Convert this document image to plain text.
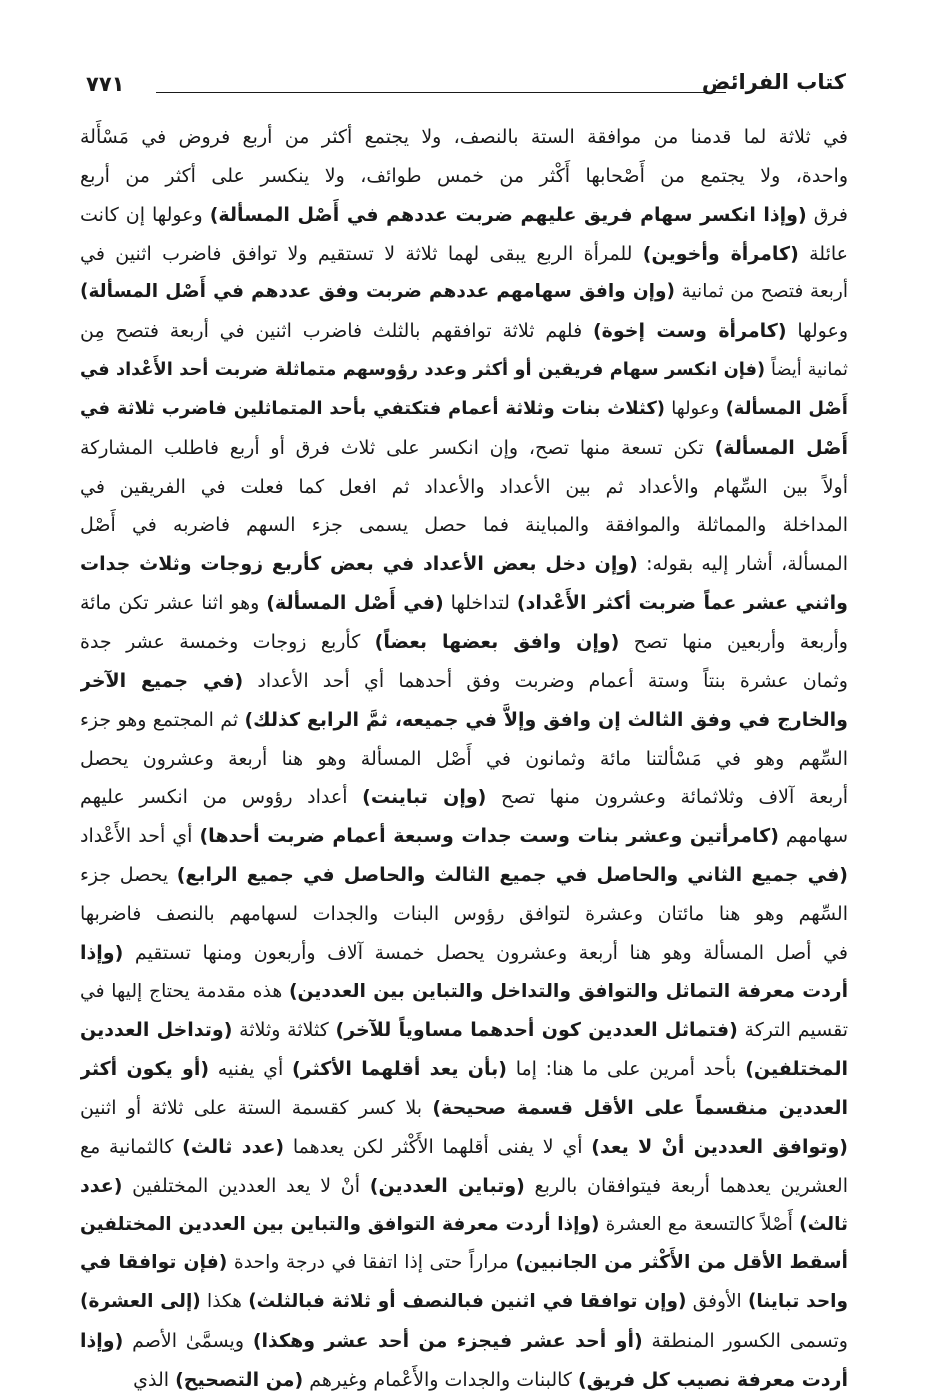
كتاب الفرائض
٧٧١
في ثلاثة لما قدمنا من موافقة الستة بالنصف، ولا يجتمع أكثر من أربع فروض في مَسْأَلة
واحدة، ولا يجتمع من أَصْحابها أَكْثر من خمس طوائف، ولا ينكسر على أكثر من أربع
فرق (وإذا انكسر سهام فريق عليهم ضربت عددهم في أَصْل المسألة) وعولها إن كانت
عائلة (كامرأة وأخوين) للمرأة الربع يبقى لهما ثلاثة لا تستقيم ولا توافق فاضرب اثنين في
أربعة فتصح من ثمانية (وإن وافق سهامهم عددهم ضربت وفق عددهم في أَصْل المسألة)
وعولها (كامرأة وست إخوة) فلهم ثلاثة توافقهم بالثلث فاضرب اثنين في أربعة فتصح مِن
ثمانية أيضاً (فإن انكسر سهام فريقين أو أكثر وعدد رؤوسهم متماثلة ضربت أحد الأَعْداد في
أَصْل المسألة) وعولها (كثلاث بنات وثلاثة أعمام فتكتفي بأحد المتماثلين فاضرب ثلاثة في
أَصْل المسألة) تكن تسعة منها تصح، وإن انكسر على ثلاث فرق أو أربع فاطلب المشاركة
أولاً بين السِّهام والأعداد ثم بين الأعداد والأعداد ثم افعل كما فعلت في الفريقين في
المداخلة والمماثلة والموافقة والمباينة فما حصل يسمى جزء السهم فاضربه في أَصْل
المسألة، أشار إليه بقوله: (وإن دخل بعض الأعداد في بعض كأربع زوجات وثلاث جدات
واثني عشر عماً ضربت أكثر الأَعْداد) لتداخلها (في أَصْل المسألة) وهو اثنا عشر تكن مائة
وأربعة وأربعين منها تصح (وإن وافق بعضها بعضاً) كأربع زوجات وخمسة عشر جدة
وثمان عشرة بنتاً وستة أعمام وضربت وفق أحدهما أي أحد الأعداد (في جميع الآخر
والخارج في وفق الثالث إن وافق وإلاَّ في جميعه، ثمَّ الرابع كذلك) ثم المجتمع وهو جزء
السِّهم وهو في مَسْألتنا مائة وثمانون في أَصْل المسألة وهو هنا أربعة وعشرون يحصل
أربعة آلاف وثلاثمائة وعشرون منها تصح (وإن تباينت) أعداد رؤوس من انكسر عليهم
سهامهم (كامرأتين وعشر بنات وست جدات وسبعة أعمام ضربت أحدها) أي أحد الأَعْداد
(في جميع الثاني والحاصل في جميع الثالث والحاصل في جميع الرابع) يحصل جزء
السِّهم وهو هنا مائتان وعشرة لتوافق رؤوس البنات والجدات لسهامهم بالنصف فاضربها
في أصل المسألة وهو هنا أربعة وعشرون يحصل خمسة آلاف وأربعون ومنها تستقيم (وإذا
أردت معرفة التماثل والتوافق والتداخل والتباين بين العددين) هذه مقدمة يحتاج إليها في
تقسيم التركة (فتماثل العددين كون أحدهما مساوياً للآخر) كثلاثة وثلاثة (وتداخل العددين
المختلفين) بأحد أمرين على ما هنا: إما (بأن يعد أقلهما الأكثر) أي يفنيه (أو يكون أكثر
العددين منقسماً على الأقل قسمة صحيحة) بلا كسر كقسمة الستة على ثلاثة أو اثنين
(وتوافق العددين أنْ لا يعد) أي لا يفنى أقلهما الأَكْثر لكن يعدهما (عدد ثالث) كالثمانية مع
العشرين يعدهما أربعة فيتوافقان بالربع (وتباين العددين) أنْ لا يعد العددين المختلفين (عدد
ثالث) أَصْلاً كالتسعة مع العشرة (وإذا أردت معرفة التوافق والتباين بين العددين المختلفين
أسقط الأقل من الأَكْثر من الجانبين) مراراً حتى إذا اتفقا في درجة واحدة (فإن توافقا في
واحد تباينا) الأوفق (وإن توافقا في اثنين فبالنصف أو ثلاثة فبالثلث) هكذا (إلى العشرة)
وتسمى الكسور المنطقة (أو أحد عشر فيجزء من أحد عشر وهكذا) ويسمَّىٰ الأصم (وإذا
أردت معرفة نصيب كل فريق) كالبنات والجدات والأَعْمام وغيرهم (من التصحيح) الذي
